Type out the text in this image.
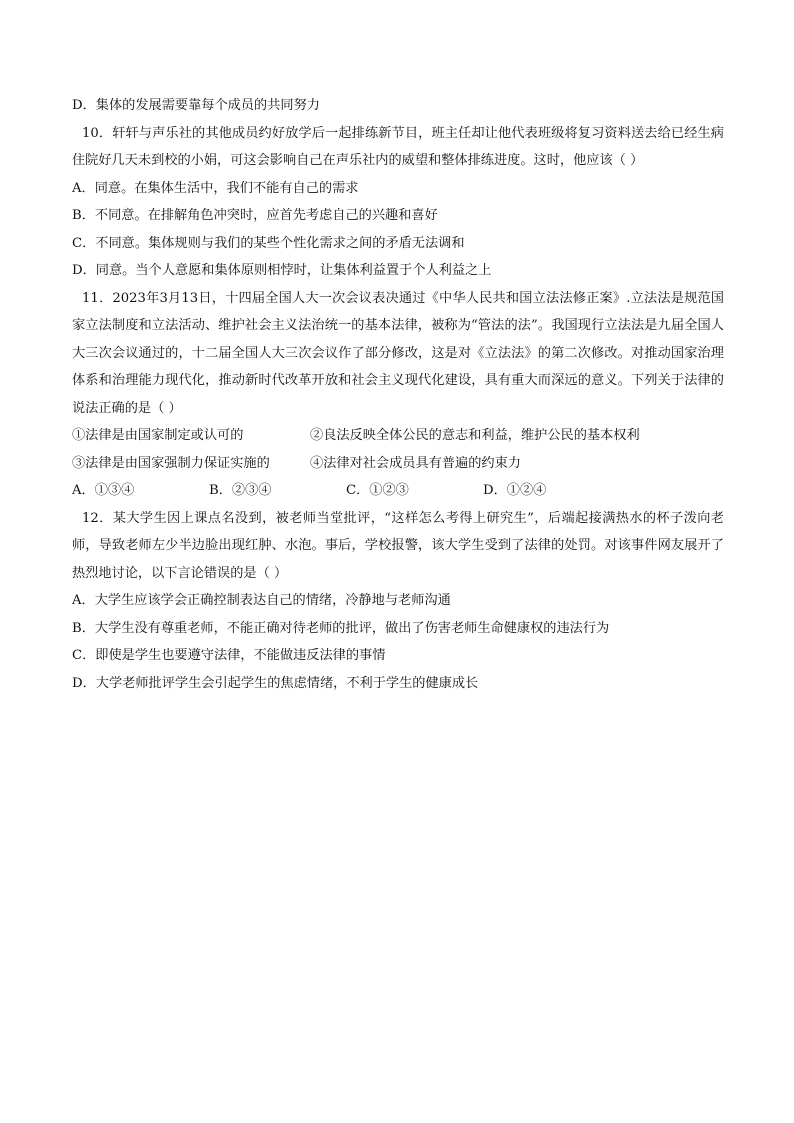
D．集体的发展需要靠每个成员的共同努力
10．轩轩与声乐社的其他成员约好放学后一起排练新节目，班主任却让他代表班级将复习资料送去给已经生病住院好几天未到校的小娟，可这会影响自己在声乐社内的威望和整体排练进度。这时，他应该（ ）
A．同意。在集体生活中，我们不能有自己的需求
B．不同意。在排解角色冲突时，应首先考虑自己的兴趣和喜好
C．不同意。集体规则与我们的某些个性化需求之间的矛盾无法调和
D．同意。当个人意愿和集体原则相悖时，让集体利益置于个人利益之上
11．2023年3月13日，十四届全国人大一次会议表决通过《中华人民共和国立法法修正案》.立法法是规范国家立法制度和立法活动、维护社会主义法治统一的基本法律，被称为“管法的法”。我国现行立法法是九届全国人大三次会议通过的，十二届全国人大三次会议作了部分修改，这是对《立法法》的第二次修改。对推动国家治理体系和治理能力现代化，推动新时代改革开放和社会主义现代化建设，具有重大而深远的意义。下列关于法律的说法正确的是（ ）
①法律是由国家制定或认可的	②良法反映全体公民的意志和利益，维护公民的基本权利
③法律是由国家强制力保证实施的	④法律对社会成员具有普遍的约束力
A．①③④	B．②③④	C．①②③	D．①②④
12．某大学生因上课点名没到，被老师当堂批评，“这样怎么考得上研究生”，后端起接满热水的杯子泼向老师，导致老师左少半边脸出现红肿、水泡。事后，学校报警，该大学生受到了法律的处罚。对该事件网友展开了热烈地讨论，以下言论错误的是（ ）
A．大学生应该学会正确控制表达自己的情绪，冷静地与老师沟通
B．大学生没有尊重老师，不能正确对待老师的批评，做出了伤害老师生命健康权的违法行为
C．即使是学生也要遵守法律，不能做违反法律的事情
D．大学老师批评学生会引起学生的焦虑情绪，不利于学生的健康成长
